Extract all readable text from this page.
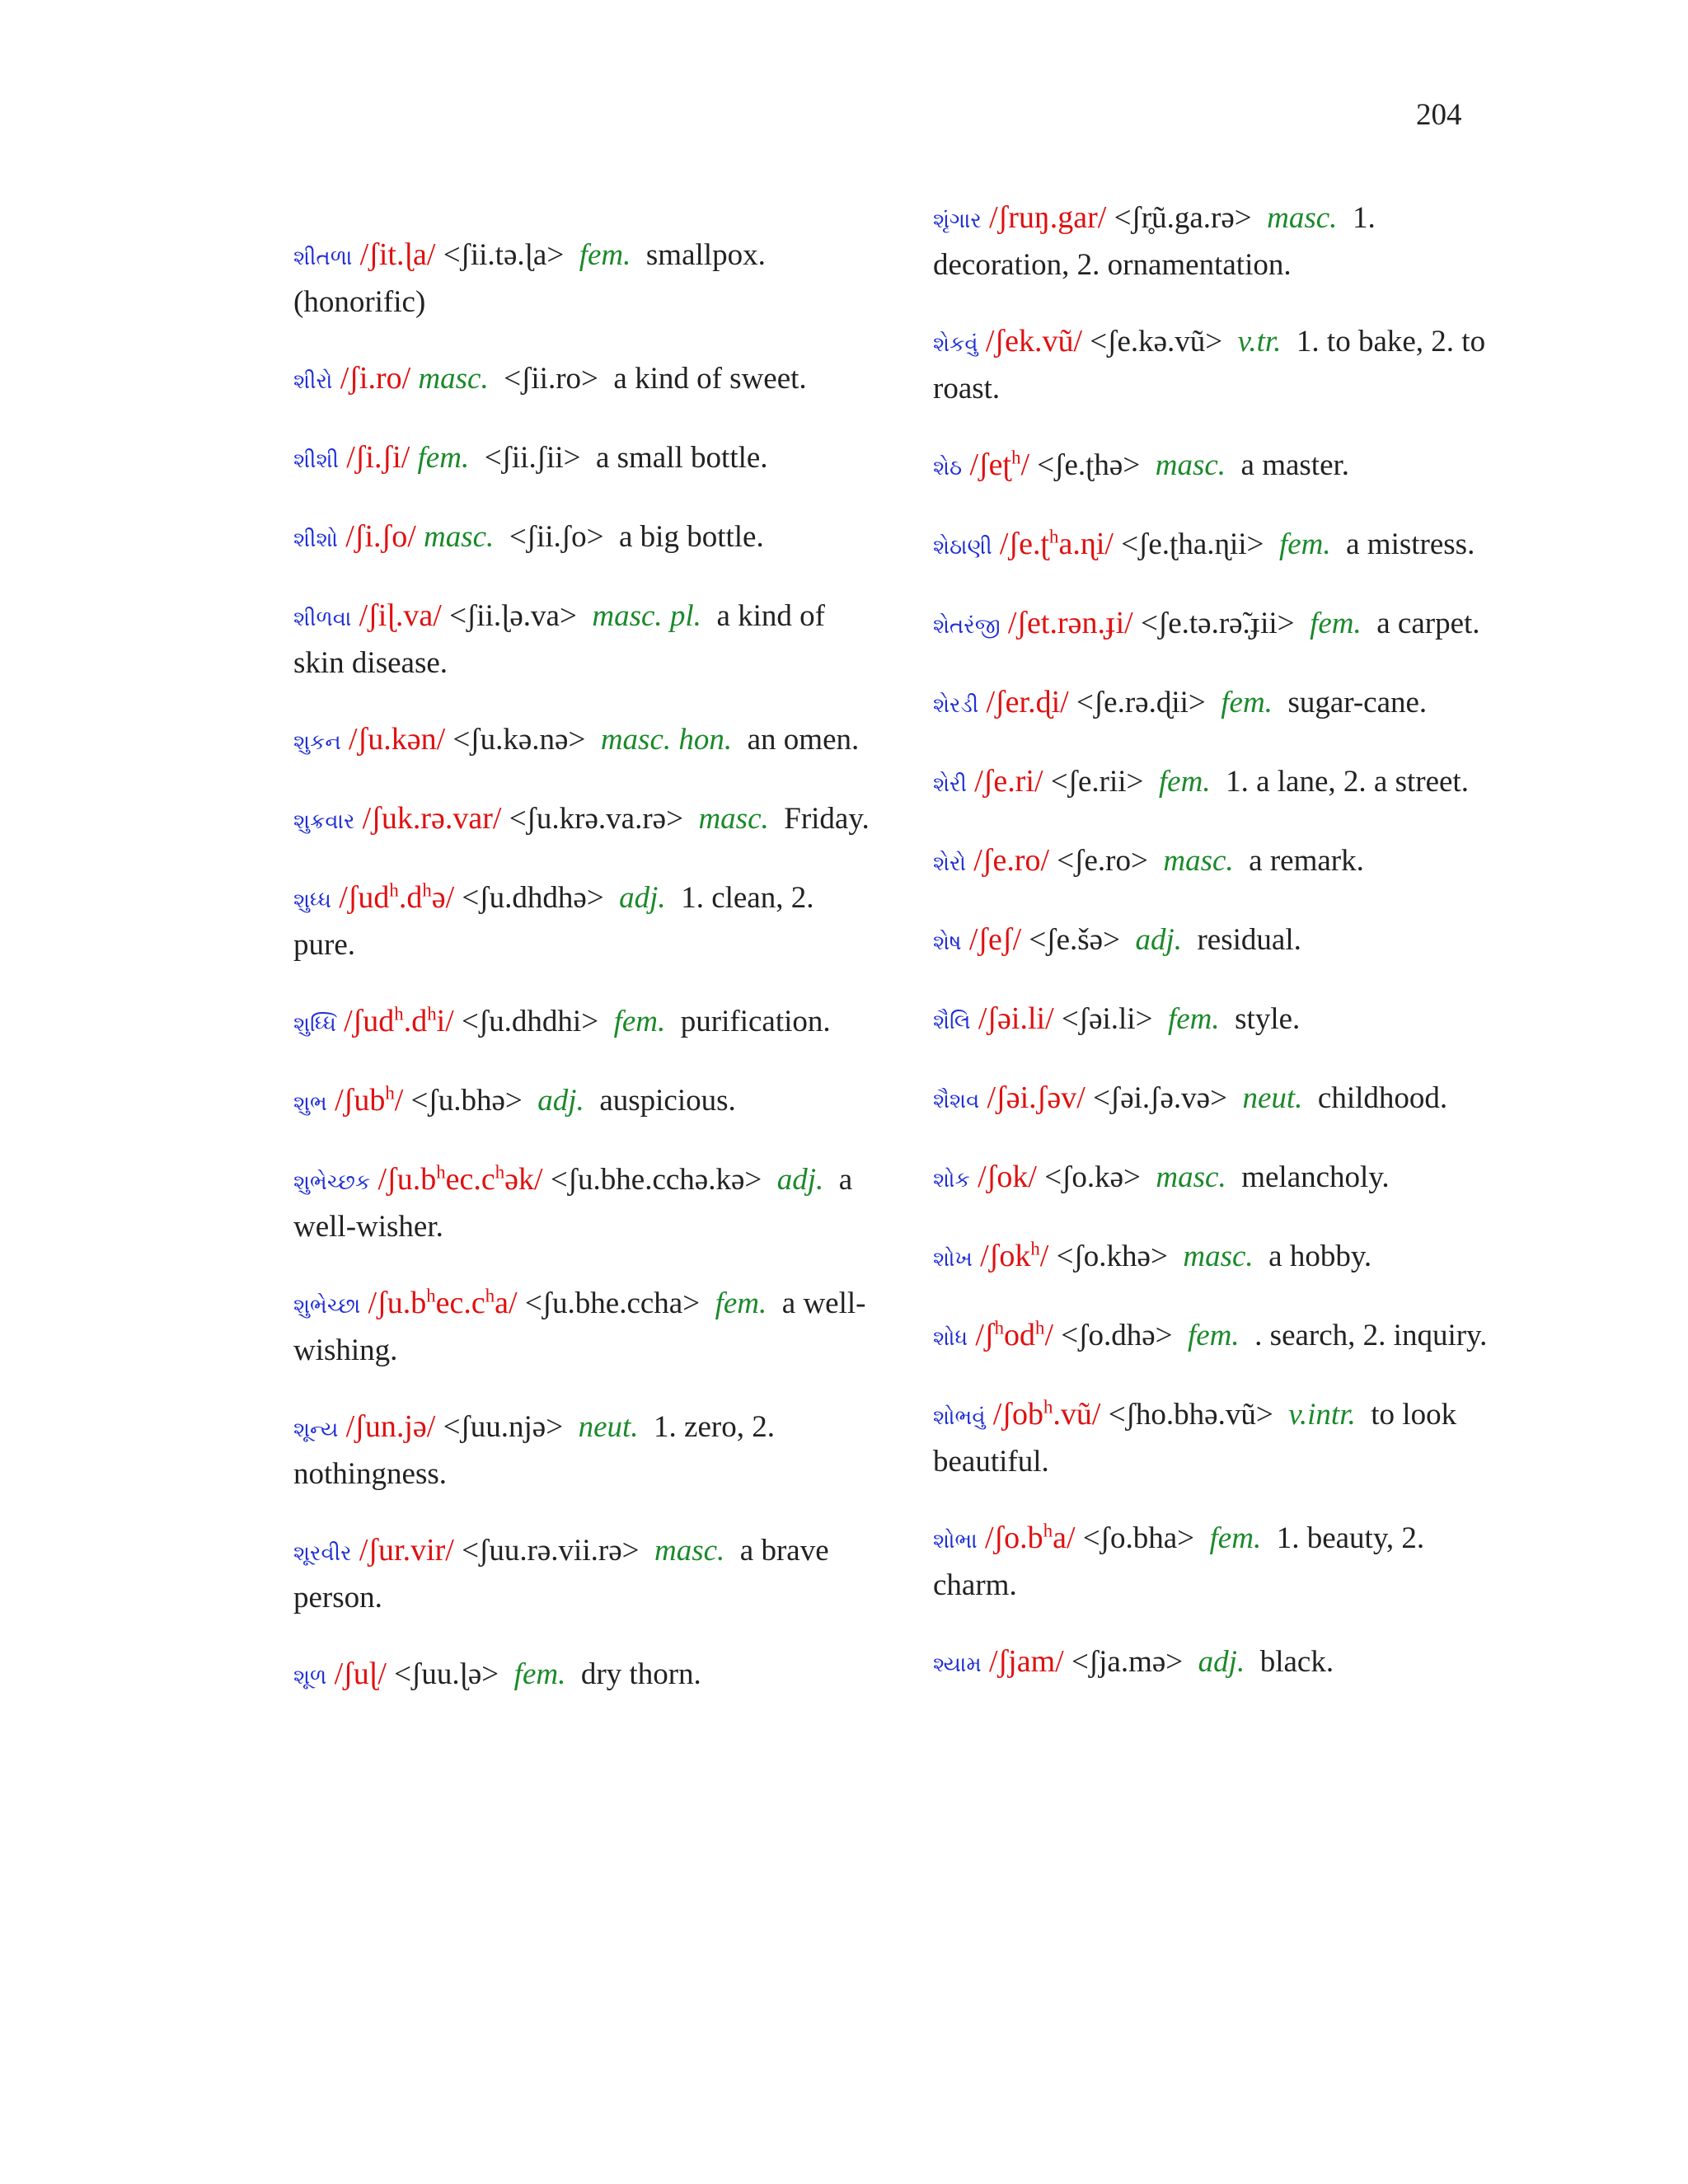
204
શીતળા /ʃit.ɭa/ <ʃii.tə.ɭa> fem. smallpox. (honorific)
શીરો /ʃi.ro/ masc. <ʃii.ro> a kind of sweet.
શીશી /ʃi.ʃi/ fem. <ʃii.ʃii> a small bottle.
શીશો /ʃi.ʃo/ masc. <ʃii.ʃo> a big bottle.
શીળવા /ʃiɭ.va/ <ʃii.ɭə.va> masc. pl. a kind of skin disease.
શુકન /ʃu.kən/ <ʃu.kə.nə> masc. hon. an omen.
શુક્રવાર /ʃuk.rə.var/ <ʃu.krə.va.rə> masc. Friday.
શુધ્ધ $/ʃud^h.d^hə/$ <ʃu.dhdhə> adj. 1. clean, 2. pure.
શુધ્ધિ $/ʃud^h.d^hi/$ <ʃu.dhdhi> fem. purification.
શુભ /ʃub$^h$/ <ʃu.bhə> adj. auspicious.
શુભેચ્છક $/ʃu.b^hec.c^hək/$ <ʃu.bhe.cchə.kə> adj. a well-wisher.
શુભેચ્છા $/ʃu.b^hec.c^ha/$ <ʃu.bhe.ccha> fem. a well-wishing.
શૂન્ય /ʃun.jə/ <ʃuu.njə> neut. 1. zero, 2. nothingness.
શૂરવીર /ʃur.vir/ <ʃuu.rə.vii.rə> masc. a brave person.
શૂળ /ʃuɭ/ <ʃuu.ɭə> fem. dry thorn.
શૃંગાર /ʃruŋ.gar/ <ʃr̥ũ.ga.rə> masc. 1. decoration, 2. ornamentation.
શેકવું /ʃek.vũ/ <ʃe.kə.vũ> v.tr. 1. to bake, 2. to roast.
શેઠ /ʃeʈ$^h$/ <ʃe.ʈhə> masc. a master.
શેઠાણી /ʃe.ʈ$^h$a.ɳi/ <ʃe.ʈha.ɳii> fem. a mistress.
શેતરંજી /ʃet.rən.ɟi/ <ʃe.tə.rə̃.ɟii> fem. a carpet.
શેરડી /ʃer.ɖi/ <ʃe.rə.ɖii> fem. sugar-cane.
શેરી /ʃe.ri/ <ʃe.rii> fem. 1. a lane, 2. a street.
શેરો /ʃe.ro/ <ʃe.ro> masc. a remark.
શેષ /ʃeʃ/ <ʃe.šə> adj. residual.
શૈલિ /ʃəi.li/ <ʃəi.li> fem. style.
શૈશવ /ʃəi.ʃəv/ <ʃəi.ʃə.və> neut. childhood.
શોક /ʃok/ <ʃo.kə> masc. melancholy.
શોખ /ʃok$^h$/ <ʃo.khə> masc. a hobby.
શોધ $/ʃ^hod^h/$ <ʃo.dhə> fem. . search, 2. inquiry.
શોભવું /ʃob$^h$.vũ/ <ʃho.bhə.vũ> v.intr. to look beautiful.
શોભા $/ʃo.b^ha/$ <ʃo.bha> fem. 1. beauty, 2. charm.
શ્યામ /ʃjam/ <ʃja.mə> adj. black.
